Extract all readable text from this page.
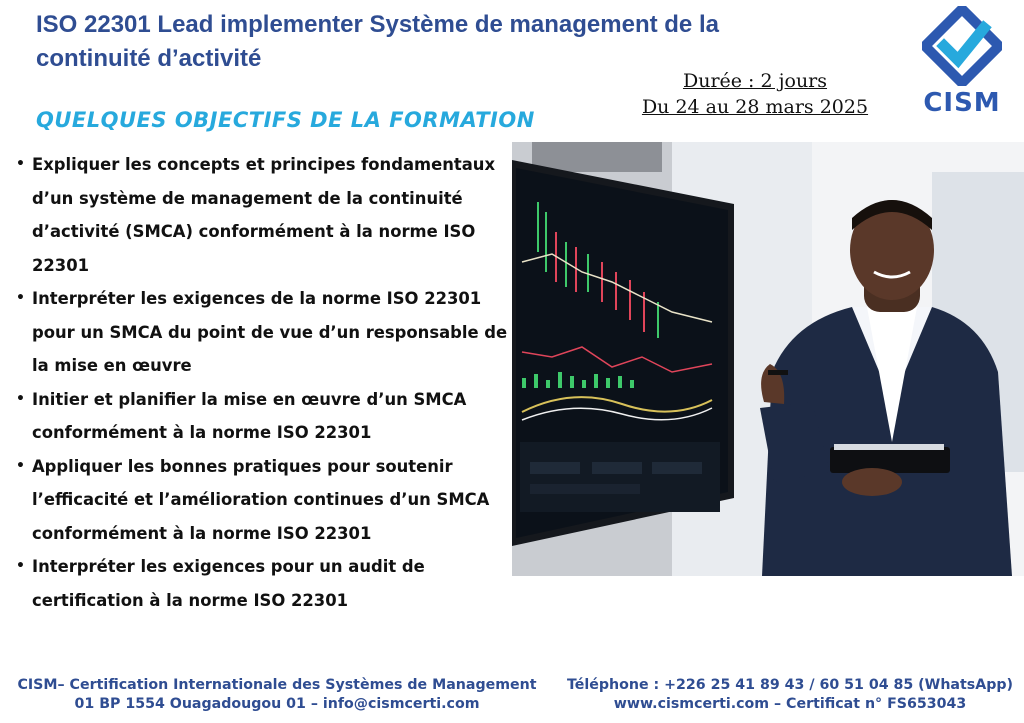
ISO 22301 Lead implementer Système de management de la continuité d’activité
CISM
Durée : 2 jours
Du 24 au 28 mars 2025
QUELQUES OBJECTIFS DE LA FORMATION
• Expliquer les concepts et principes fondamentaux d’un système de management de la continuité d’activité (SMCA) conformément à la norme ISO 22301
• Interpréter les exigences de la norme ISO 22301 pour un SMCA du point de vue d’un responsable de la mise en œuvre
• Initier et planifier la mise en œuvre d’un SMCA conformément à la norme ISO 22301
• Appliquer les bonnes pratiques pour soutenir l’efficacité et l’amélioration continues d’un SMCA conformément à la norme ISO 22301
• Interpréter les exigences pour un audit de certification à la norme ISO 22301
CISM– Certification Internationale des Systèmes de Management
01 BP 1554 Ouagadougou 01 – info@cismcerti.com
Téléphone : +226 25 41 89 43 / 60 51 04 85 (WhatsApp)
www.cismcerti.com – Certificat n° FS653043
